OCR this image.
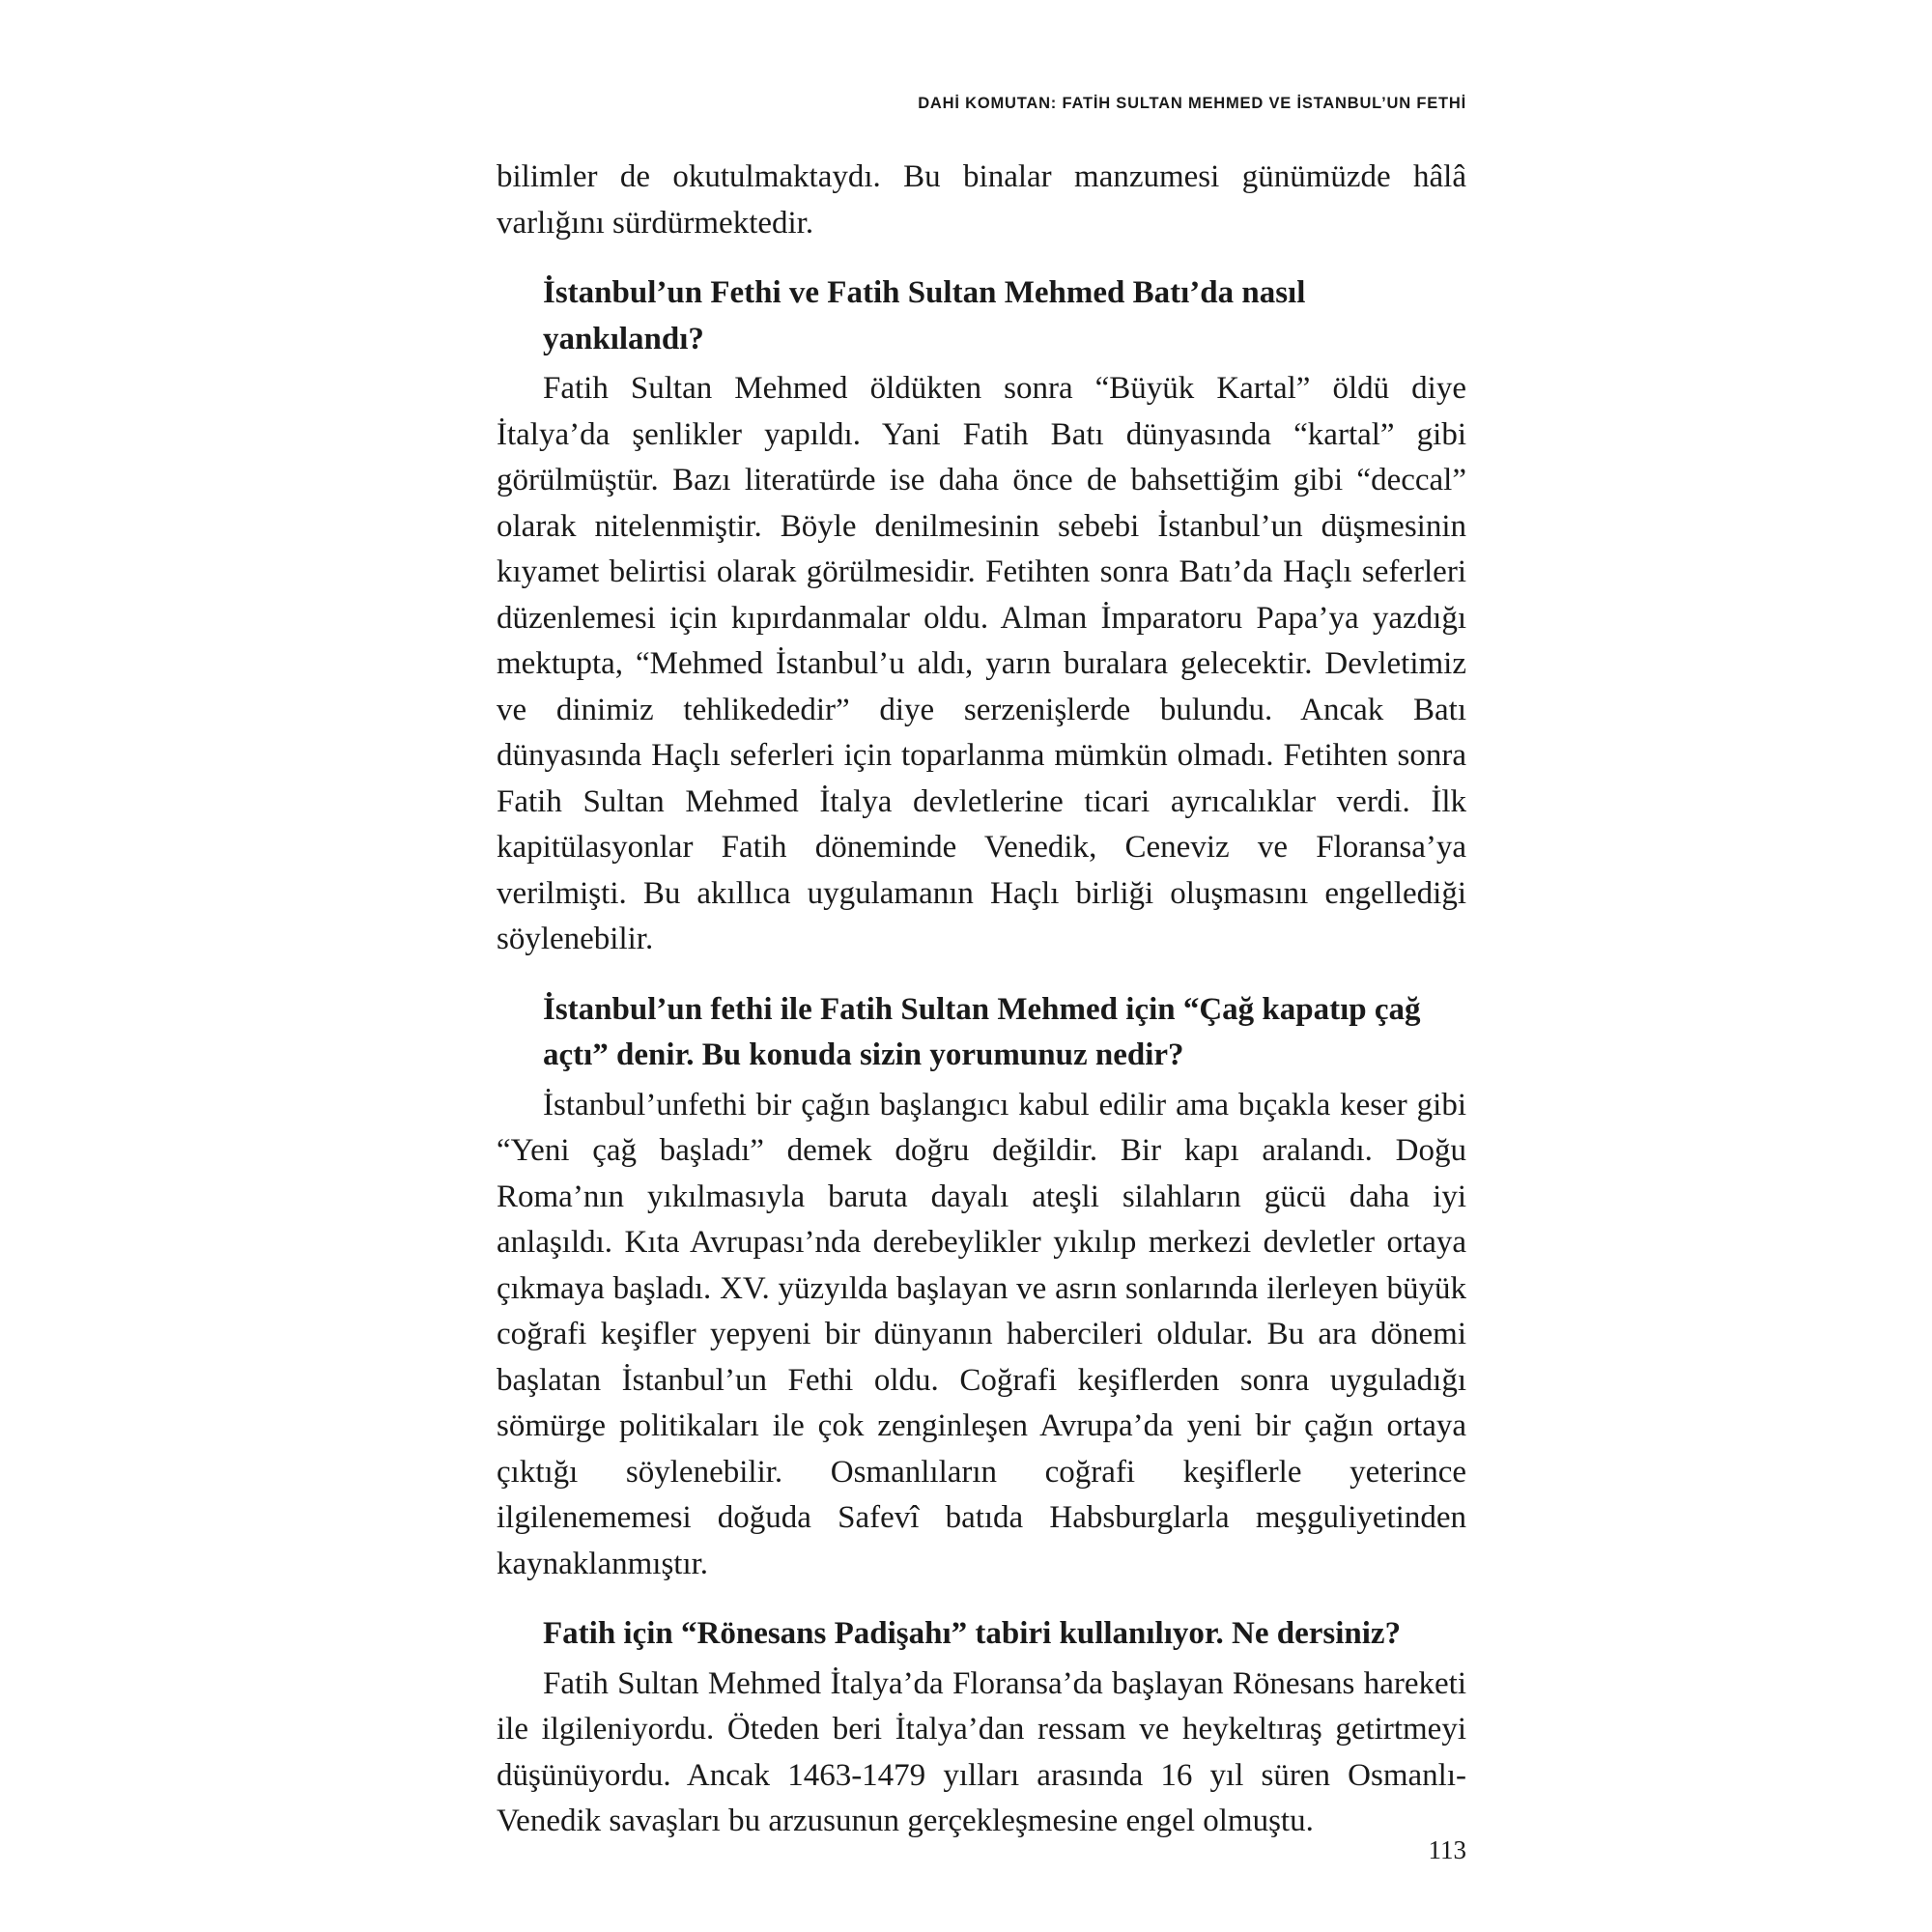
DAHİ KOMUTAN: FATİH SULTAN MEHMED VE İSTANBUL’UN FETHİ

bilimler de okutulmaktaydı. Bu binalar manzumesi günümüzde hâlâ varlığını sürdürmektedir.

İstanbul’un Fethi ve Fatih Sultan Mehmed Batı’da nasıl yankılandı?

Fatih Sultan Mehmed öldükten sonra “Büyük Kartal” öldü diye İtalya’da şenlikler yapıldı. Yani Fatih Batı dünyasında “kartal” gibi görülmüştür. Bazı literatürde ise daha önce de bahsettiğim gibi “deccal” olarak nitelenmiştir. Böyle denilmesinin sebebi İstanbul’un düşmesinin kıyamet belirtisi olarak görülmesidir. Fetihten sonra Batı’da Haçlı seferleri düzenlemesi için kıpırdanmalar oldu. Alman İmparatoru Papa’ya yazdığı mektupta, “Mehmed İstanbul’u aldı, yarın buralara gelecektir. Devletimiz ve dinimiz tehlikededir” diye serzenişlerde bulundu. Ancak Batı dünyasında Haçlı seferleri için toparlanma mümkün olmadı. Fetihten sonra Fatih Sultan Mehmed İtalya devletlerine ticari ayrıcalıklar verdi. İlk kapitülasyonlar Fatih döneminde Venedik, Ceneviz ve Floransa’ya verilmişti. Bu akıllıca uygulamanın Haçlı birliği oluşmasını engellediği söylenebilir.

İstanbul’un fethi ile Fatih Sultan Mehmed için “Çağ kapatıp çağ açtı” denir. Bu konuda sizin yorumunuz nedir?

İstanbul’unfethi bir çağın başlangıcı kabul edilir ama bıçakla keser gibi “Yeni çağ başladı” demek doğru değildir. Bir kapı aralandı. Doğu Roma’nın yıkılmasıyla baruta dayalı ateşli silahların gücü daha iyi anlaşıldı. Kıta Avrupası’nda derebeylikler yıkılıp merkezi devletler ortaya çıkmaya başladı. XV. yüzyılda başlayan ve asrın sonlarında ilerleyen büyük coğrafi keşifler yepyeni bir dünyanın habercileri oldular. Bu ara dönemi başlatan İstanbul’un Fethi oldu. Coğrafi keşiflerden sonra uyguladığı sömürge politikaları ile çok zenginleşen Avrupa’da yeni bir çağın ortaya çıktığı söylenebilir. Osmanlıların coğrafi keşiflerle yeterince ilgilenememesi doğuda Safevî batıda Habsburglarla meşguliyetinden kaynaklanmıştır.

Fatih için “Rönesans Padişahı” tabiri kullanılıyor. Ne dersiniz?

Fatih Sultan Mehmed İtalya’da Floransa’da başlayan Rönesans hareketi ile ilgileniyordu. Öteden beri İtalya’dan ressam ve heykeltıraş getirtmeyi düşünüyordu. Ancak 1463-1479 yılları arasında 16 yıl süren Osmanlı-Venedik savaşları bu arzusunun gerçekleşmesine engel olmuştu.

113
